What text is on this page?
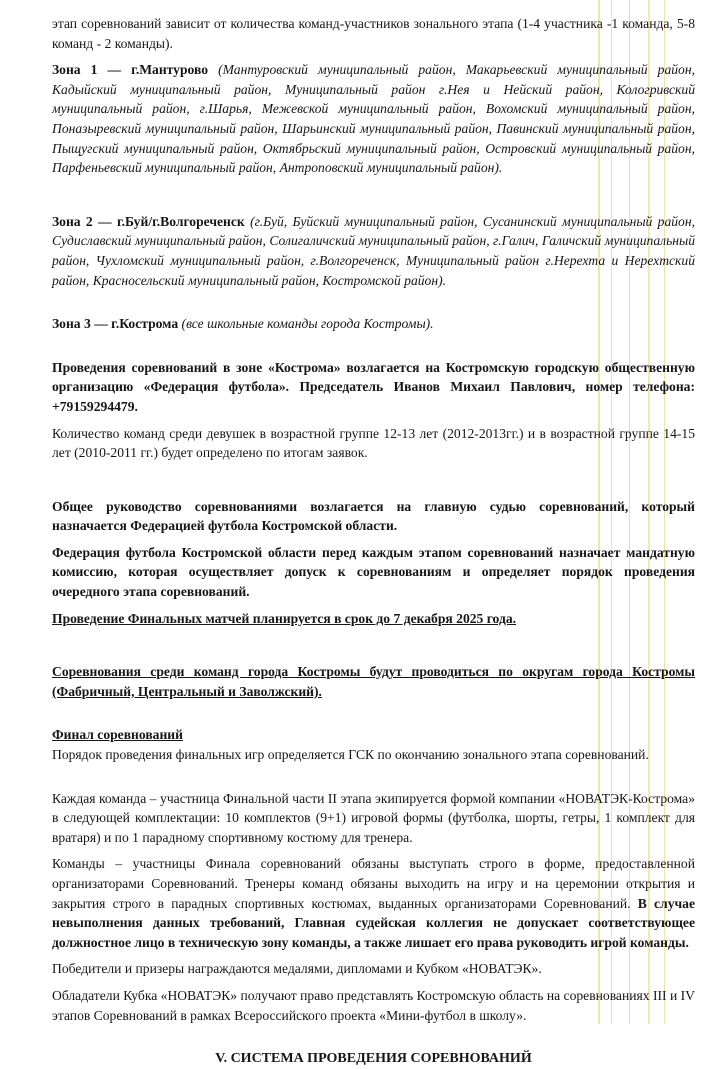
этап соревнований зависит от количества команд-участников зонального этапа (1-4 участника -1 команда, 5-8 команд - 2 команды).

Зона 1 — г.Мантурово (Мантуровский муниципальный район, Макарьевский муниципальный район, Кадыйский муниципальный район, Муниципальный район г.Нея и Нейский район, Кологривский муниципальный район, г.Шарья, Межевской муниципальный район, Вохомский муниципальный район, Поназыревский муниципальный район, Шарьинский муниципальный район, Павинский муниципальный район, Пыщугский муниципальный район, Октябрьский муниципальный район, Островский муниципальный район, Парфеньевский муниципальный район, Антроповский муниципальный район).

Зона 2 — г.Буй/г.Волгореченск (г.Буй, Буйский муниципальный район, Сусанинский муниципальный район, Судиславский муниципальный район, Солигаличский муниципальный район, г.Галич, Галичский муниципальный район, Чухломский муниципальный район, г.Волгореченск, Муниципальный район г.Нерехта и Нерехтский район, Красносельский муниципальный район, Костромской район).

Зона 3 — г.Кострома (все школьные команды города Костромы).

Проведения соревнований в зоне «Кострома» возлагается на Костромскую городскую общественную организацию «Федерация футбола». Председатель Иванов Михаил Павлович, номер телефона: +79159294479.

Количество команд среди девушек в возрастной группе 12-13 лет (2012-2013гг.) и в возрастной группе 14-15 лет (2010-2011 гг.) будет определено по итогам заявок.

Общее руководство соревнованиями возлагается на главную судью соревнований, который назначается Федерацией футбола Костромской области.

Федерация футбола Костромской области перед каждым этапом соревнований назначает мандатную комиссию, которая осуществляет допуск к соревнованиям и определяет порядок проведения очередного этапа соревнований.

Проведение Финальных матчей планируется в срок до 7 декабря 2025 года.

Соревнования среди команд города Костромы будут проводиться по округам города Костромы (Фабричный, Центральный и Заволжский).

Финал соревнований

Порядок проведения финальных игр определяется ГСК по окончанию зонального этапа соревнований.

Каждая команда – участница Финальной части II этапа экипируется формой компании «НОВАТЭК-Кострома» в следующей комплектации: 10 комплектов (9+1) игровой формы (футболка, шорты, гетры, 1 комплект для вратаря) и по 1 парадному спортивному костюму для тренера.

Команды – участницы Финала соревнований обязаны выступать строго в форме, предоставленной организаторами Соревнований. Тренеры команд обязаны выходить на игру и на церемонии открытия и закрытия строго в парадных спортивных костюмах, выданных организаторами Соревнований. В случае невыполнения данных требований, Главная судейская коллегия не допускает соответствующее должностное лицо в техническую зону команды, а также лишает его права руководить игрой команды.

Победители и призеры награждаются медалями, дипломами и Кубком «НОВАТЭК».

Обладатели Кубка «НОВАТЭК» получают право представлять Костромскую область на соревнованиях III и IV этапов Соревнований в рамках Всероссийского проекта «Мини-футбол в школу».

V. СИСТЕМА ПРОВЕДЕНИЯ СОРЕВНОВАНИЙ
